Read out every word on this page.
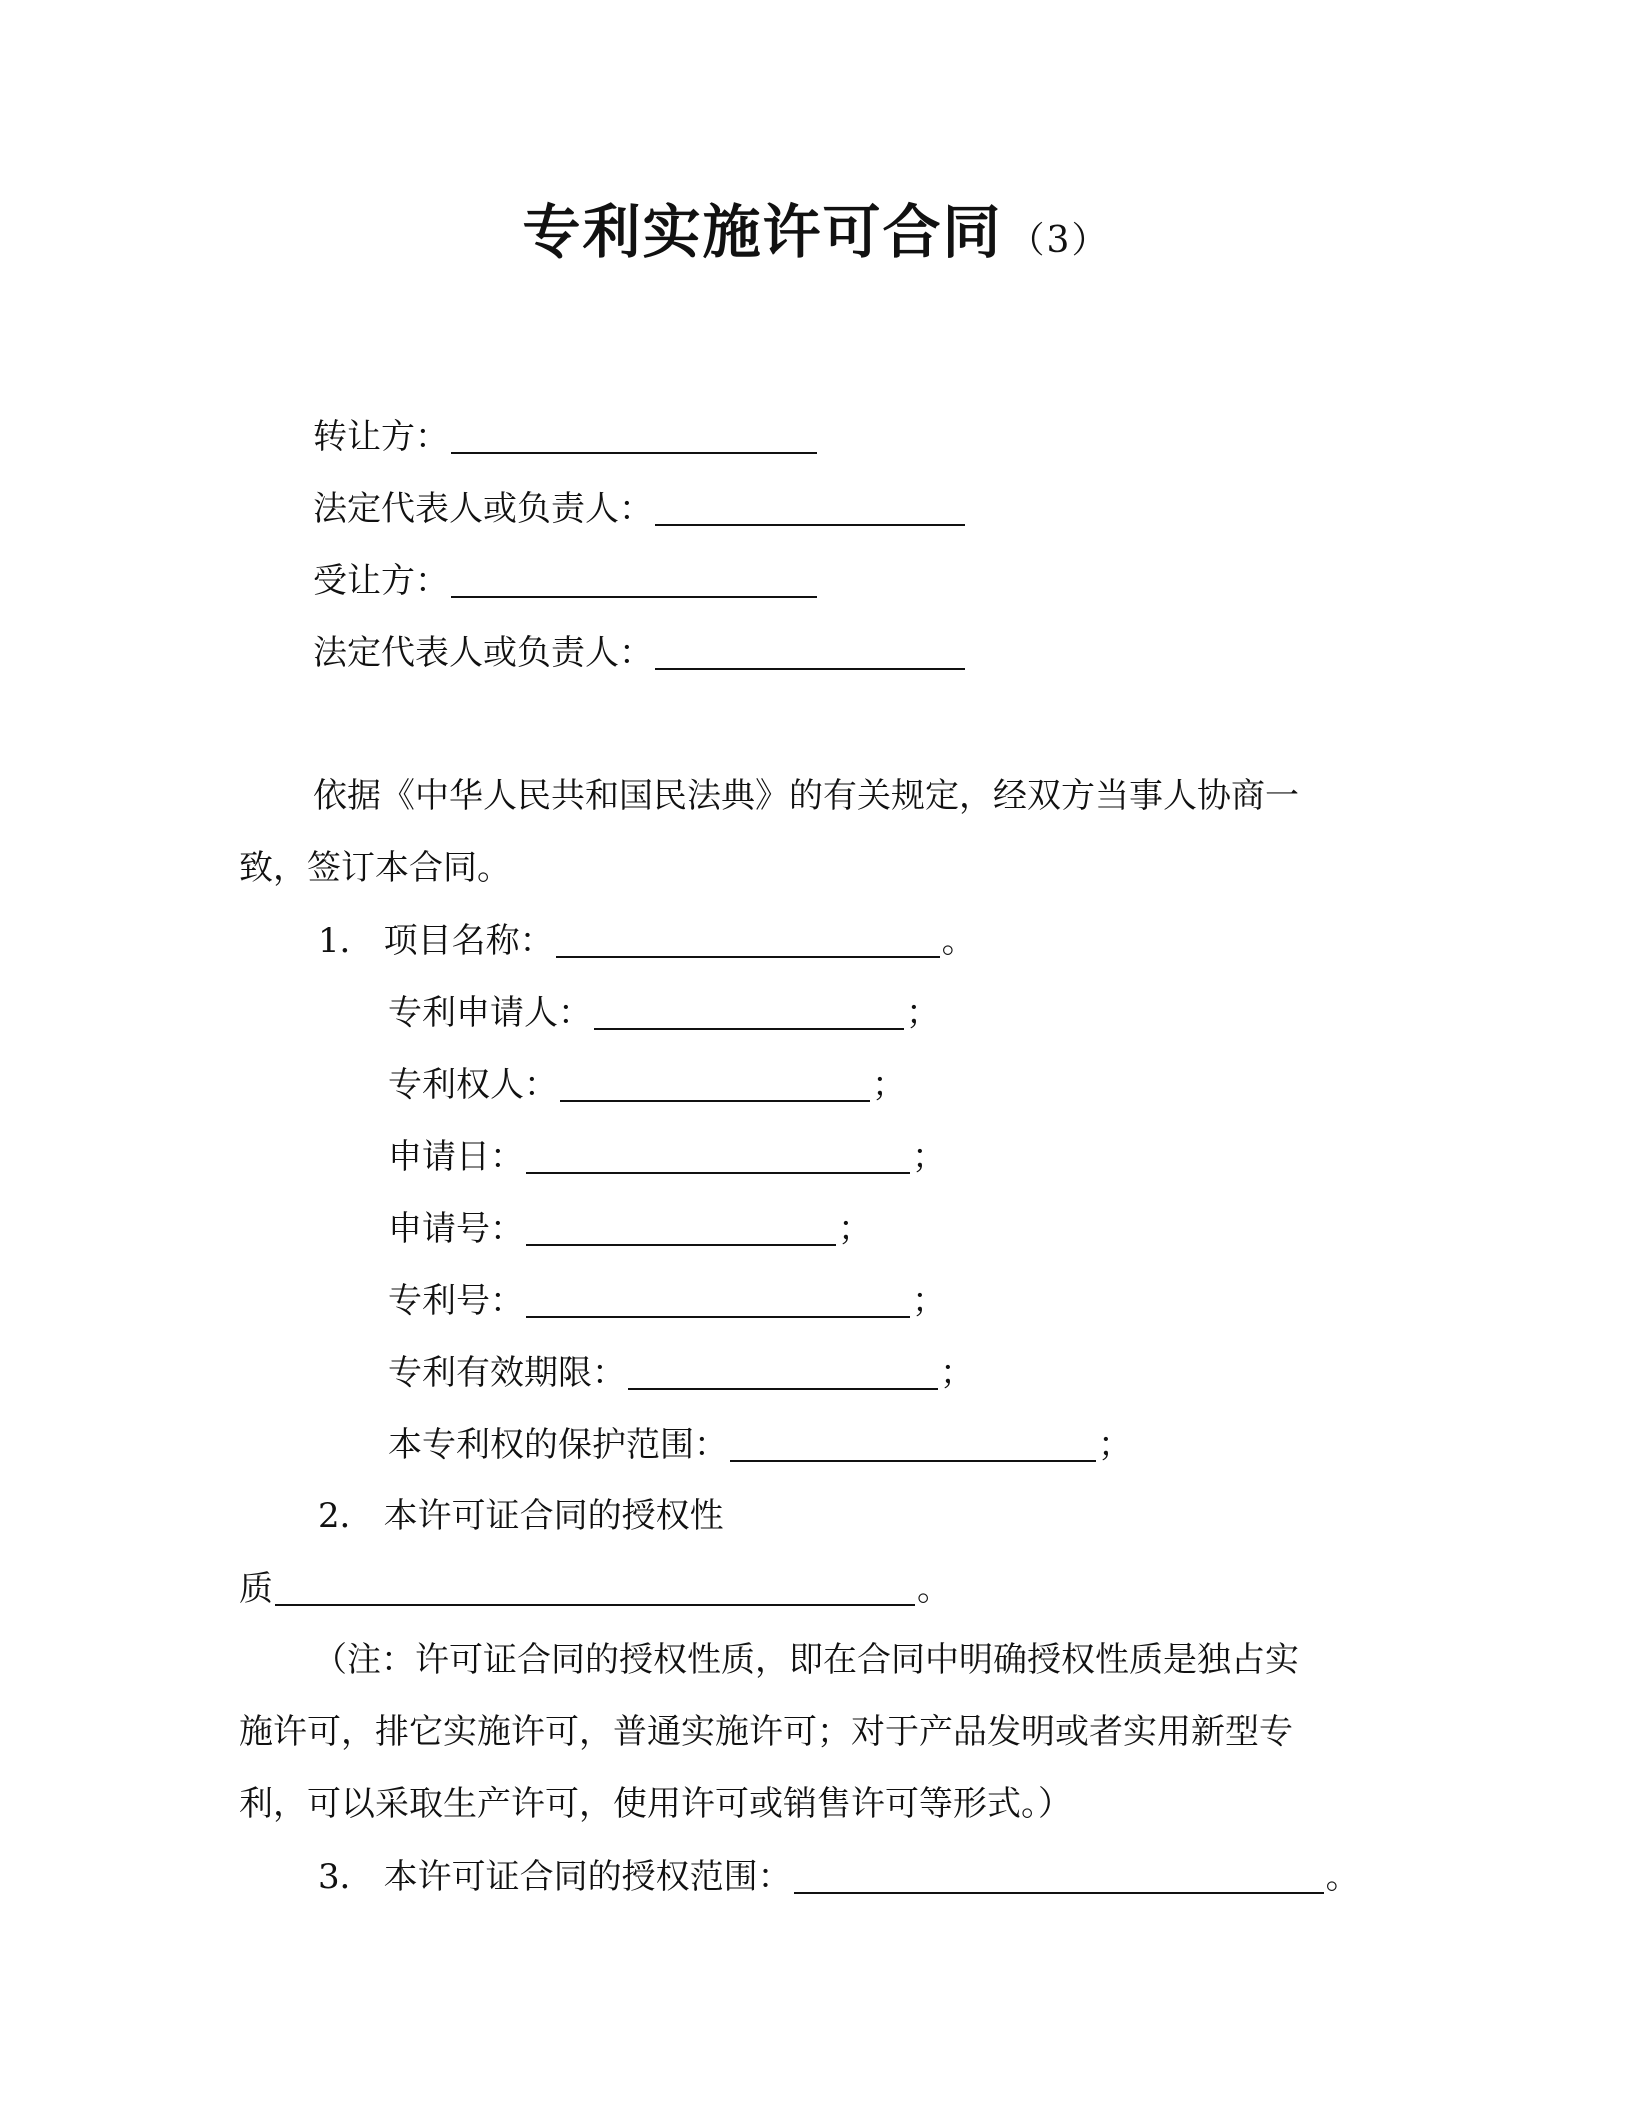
专利实施许可合同 （3）
转让方：
法定代表人或负责人：
受让方：
法定代表人或负责人：
依据《中华人民共和国民法典》的有关规定，经双方当事人协商一
致，签订本合同。
1． 项目名称：	。
专利申请人：	；
专利权人：	；
申请日：	；
申请号：	；
专利号：	；
专利有效期限：	；
本专利权的保护范围：	；
2． 本许可证合同的授权性
质	。
（注：许可证合同的授权性质，即在合同中明确授权性质是独占实
施许可，排它实施许可，普通实施许可；对于产品发明或者实用新型专
利，可以采取生产许可，使用许可或销售许可等形式。）
3． 本许可证合同的授权范围：	。
